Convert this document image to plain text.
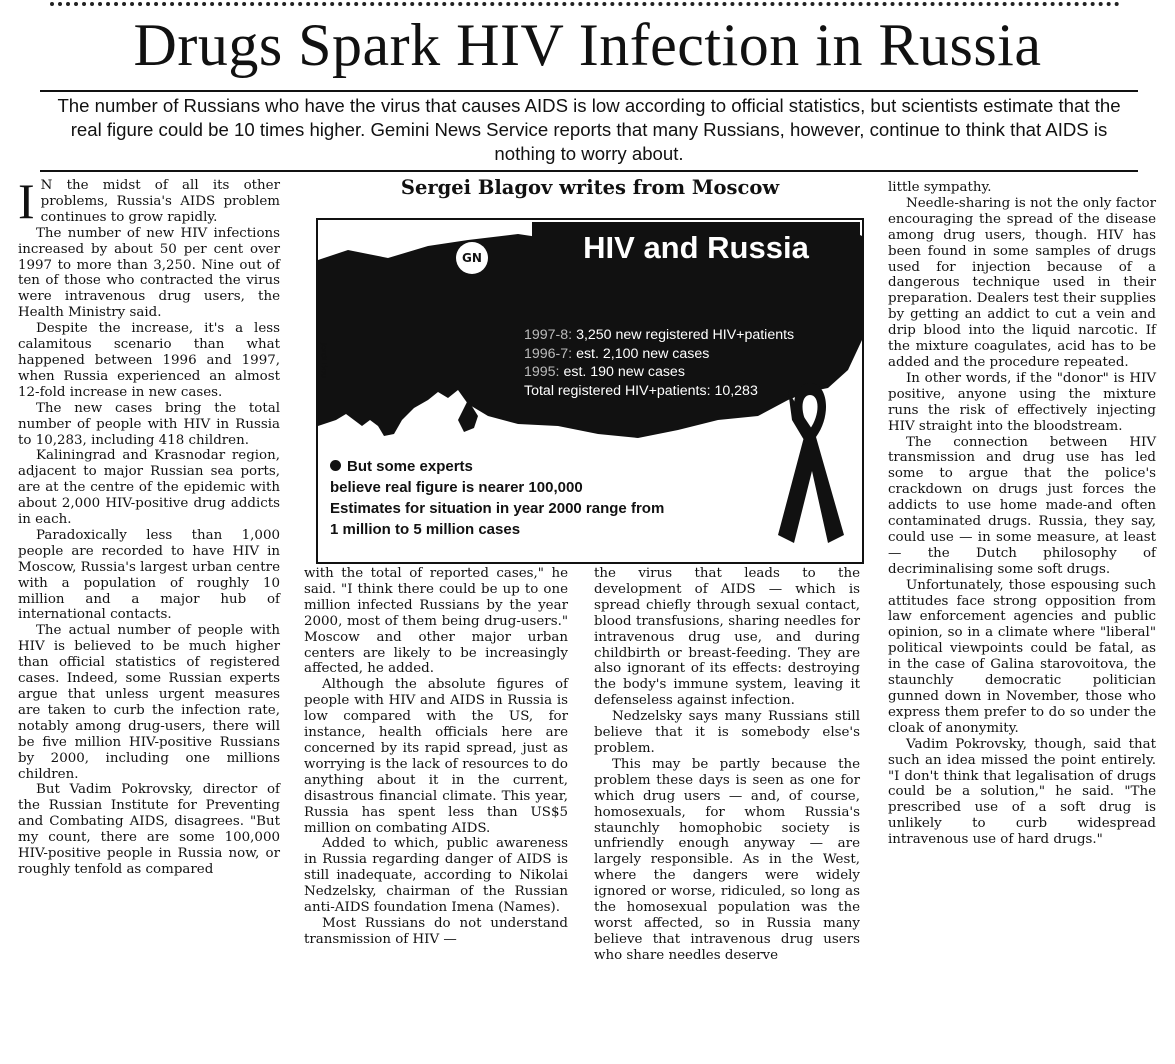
Drugs Spark HIV Infection in Russia
The number of Russians who have the virus that causes AIDS is low according to official statistics, but scientists estimate that the real figure could be 10 times higher. Gemini News Service reports that many Russians, however, continue to think that AIDS is nothing to worry about.

I N the midst of all its other problems, Russia's AIDS problem continues to grow rapidly.

The number of new HIV infections increased by about 50 per cent over 1997 to more than 3,250. Nine out of ten of those who contracted the virus were intravenous drug users, the Health Ministry said.

Despite the increase, it's a less calamitous scenario than what happened between 1996 and 1997, when Russia experienced an almost 12-fold increase in new cases.

The new cases bring the total number of people with HIV in Russia to 10,283, including 418 children.

Kaliningrad and Krasnodar region, adjacent to major Russian sea ports, are at the centre of the epidemic with about 2,000 HIV-positive drug addicts in each.

Paradoxically less than 1,000 people are recorded to have HIV in Moscow, Russia's largest urban centre with a population of roughly 10 million and a major hub of international contacts.

The actual number of people with HIV is believed to be much higher than official statistics of registered cases. Indeed, some Russian experts argue that unless urgent measures are taken to curb the infection rate, notably among drug-users, there will be five million HIV-positive Russians by 2000, including one millions children.

But Vadim Pokrovsky, director of the Russian Institute for Preventing and Combating AIDS, disagrees. "But my count, there are some 100,000 HIV-positive people in Russia now, or roughly tenfold as compared

Sergei Blagov writes from Moscow
HIV and Russia
GN
Jordi Bou
1997-8: 3,250 new registered HIV+patients
1996-7: est. 2,100 new cases
1995: est. 190 new cases
Total registered HIV+patients: 10,283
But some experts
believe real figure is nearer 100,000
Estimates for situation in year 2000 range from
1 million to 5 million cases

with the total of reported cases," he said. "I think there could be up to one million infected Russians by the year 2000, most of them being drug-users." Moscow and other major urban centers are likely to be increasingly affected, he added.

Although the absolute figures of people with HIV and AIDS in Russia is low compared with the US, for instance, health officials here are concerned by its rapid spread, just as worrying is the lack of resources to do anything about it in the current, disastrous financial climate. This year, Russia has spent less than US$5 million on combating AIDS.

Added to which, public awareness in Russia regarding danger of AIDS is still inadequate, according to Nikolai Nedzelsky, chairman of the Russian anti-AIDS foundation Imena (Names).

Most Russians do not understand transmission of HIV —

the virus that leads to the development of AIDS — which is spread chiefly through sexual contact, blood transfusions, sharing needles for intravenous drug use, and during childbirth or breast-feeding. They are also ignorant of its effects: destroying the body's immune system, leaving it defenseless against infection.

Nedzelsky says many Russians still believe that it is somebody else's problem.

This may be partly because the problem these days is seen as one for which drug users — and, of course, homosexuals, for whom Russia's staunchly homophobic society is unfriendly enough anyway — are largely responsible. As in the West, where the dangers were widely ignored or worse, ridiculed, so long as the homosexual population was the worst affected, so in Russia many believe that intravenous drug users who share needles deserve

little sympathy.

Needle-sharing is not the only factor encouraging the spread of the disease among drug users, though. HIV has been found in some samples of drugs used for injection because of a dangerous technique used in their preparation. Dealers test their supplies by getting an addict to cut a vein and drip blood into the liquid narcotic. If the mixture coagulates, acid has to be added and the procedure repeated.

In other words, if the "donor" is HIV positive, anyone using the mixture runs the risk of effectively injecting HIV straight into the bloodstream.

The connection between HIV transmission and drug use has led some to argue that the police's crackdown on drugs just forces the addicts to use home made-and often contaminated drugs. Russia, they say, could use — in some measure, at least — the Dutch philosophy of decriminalising some soft drugs.

Unfortunately, those espousing such attitudes face strong opposition from law enforcement agencies and public opinion, so in a climate where "liberal" political viewpoints could be fatal, as in the case of Galina starovoitova, the staunchly democratic politician gunned down in November, those who express them prefer to do so under the cloak of anonymity.

Vadim Pokrovsky, though, said that such an idea missed the point entirely. "I don't think that legalisation of drugs could be a solution," he said. "The prescribed use of a soft drug is unlikely to curb widespread intravenous use of hard drugs."
